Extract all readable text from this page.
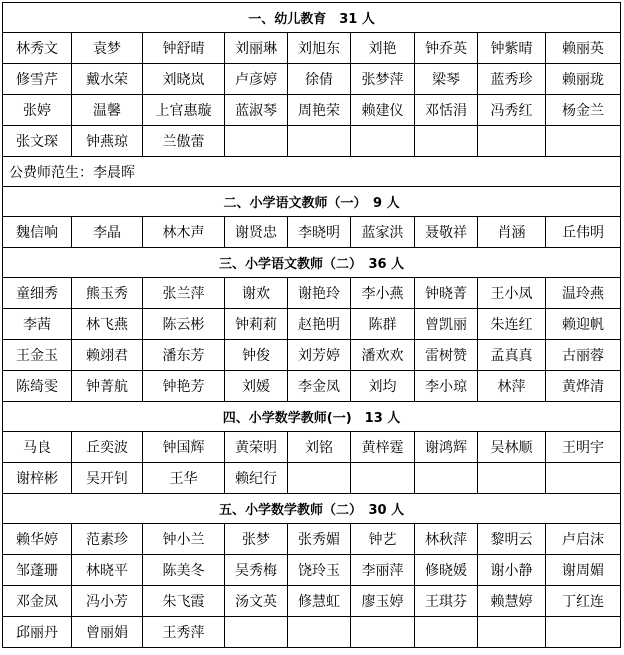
一、幼儿教育　31 人								
林秀文	袁梦	钟舒晴	刘丽琳	刘旭东	刘艳	钟乔英	钟紫晴	赖丽英
修雪芹	戴水荣	刘晓岚	卢彦婷	徐倩	张梦萍	梁琴	蓝秀珍	赖丽珑
张婷	温馨	上官惠璇	蓝淑琴	周艳荣	赖建仪	邓恬涓	冯秀红	杨金兰
张文琛	钟燕琼	兰傲蕾						
公费师范生：李晨晖								
二、小学语文教师（一）　9 人								
魏信响	李晶	林木声	谢贤忠	李晓明	蓝家洪	聂敬祥	肖涵	丘伟明
三、小学语文教师（二）　36 人								
童细秀	熊玉秀	张兰萍	谢欢	谢艳玲	李小燕	钟晓菁	王小凤	温玲燕
李茜	林飞燕	陈云彬	钟莉莉	赵艳明	陈群	曾凯丽	朱连红	赖迎帆
王金玉	赖翊君	潘东芳	钟俊	刘芳婷	潘欢欢	雷树赞	孟真真	古丽蓉
陈绮雯	钟菁航	钟艳芳	刘媛	李金凤	刘均	李小琼	林萍	黄烨清
四、小学数学教师(一)　13 人								
马良	丘奕波	钟国辉	黄荣明	刘铭	黄梓霆	谢鸿辉	吴林顺	王明宇
谢梓彬	吴开钊	王华	赖纪行					
五、小学数学教师（二）　30 人								
赖华婷	范素珍	钟小兰	张梦	张秀媚	钟艺	林秋萍	黎明云	卢启沫
邹蓬珊	林晓平	陈美冬	吴秀梅	饶玲玉	李丽萍	修晓媛	谢小静	谢周媚
邓金凤	冯小芳	朱飞霞	汤文英	修慧虹	廖玉婷	王琪芬	赖慧婷	丁红连
邱丽丹	曾丽娟	王秀萍						
